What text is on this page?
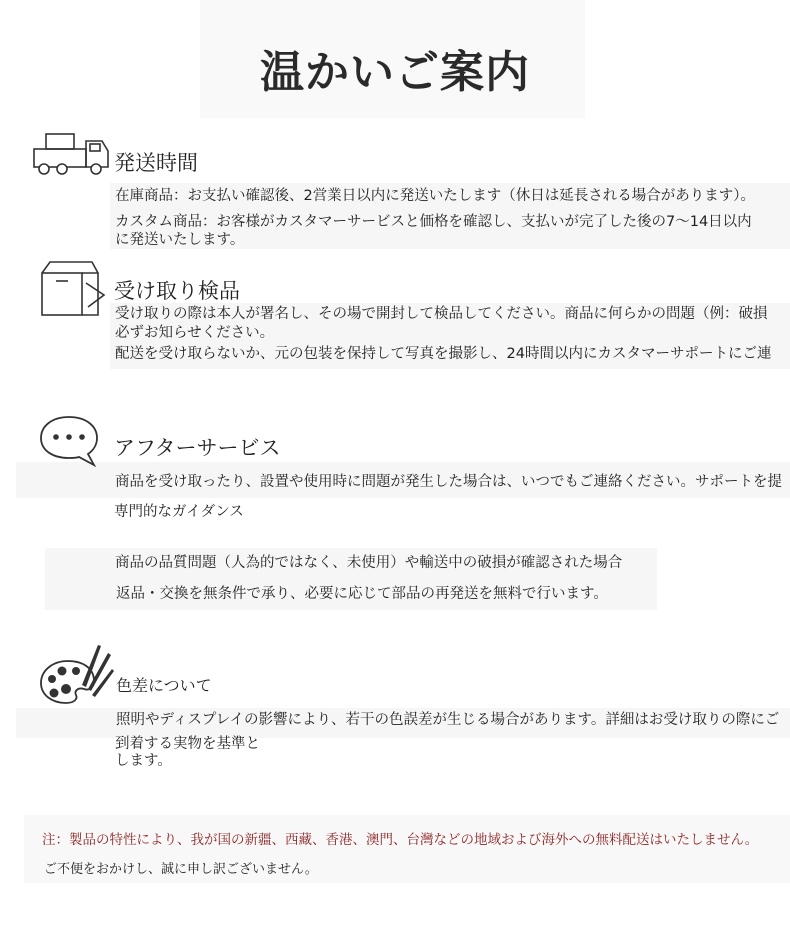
温かいご案内
発送時間
在庫商品：お支払い確認後、2営業日以内に発送いたします（休日は延長される場合があります）。
カスタム商品：お客様がカスタマーサービスと価格を確認し、支払いが完了した後の7～14日以内
に発送いたします。
受け取り検品
受け取りの際は本人が署名し、その場で開封して検品してください。商品に何らかの問題（例：破損
必ずお知らせください。
配送を受け取らないか、元の包装を保持して写真を撮影し、24時間以内にカスタマーサポートにご連
アフターサービス
商品を受け取ったり、設置や使用時に問題が発生した場合は、いつでもご連絡ください。サポートを提
専門的なガイダンス
商品の品質問題（人為的ではなく、未使用）や輸送中の破損が確認された場合
返品・交換を無条件で承り、必要に応じて部品の再発送を無料で行います。
色差について
照明やディスプレイの影響により、若干の色誤差が生じる場合があります。詳細はお受け取りの際にご
到着する実物を基準と
します。
注：製品の特性により、我が国の新疆、西藏、香港、澳門、台灣などの地域および海外への無料配送はいたしません。
ご不便をおかけし、誠に申し訳ございません。
